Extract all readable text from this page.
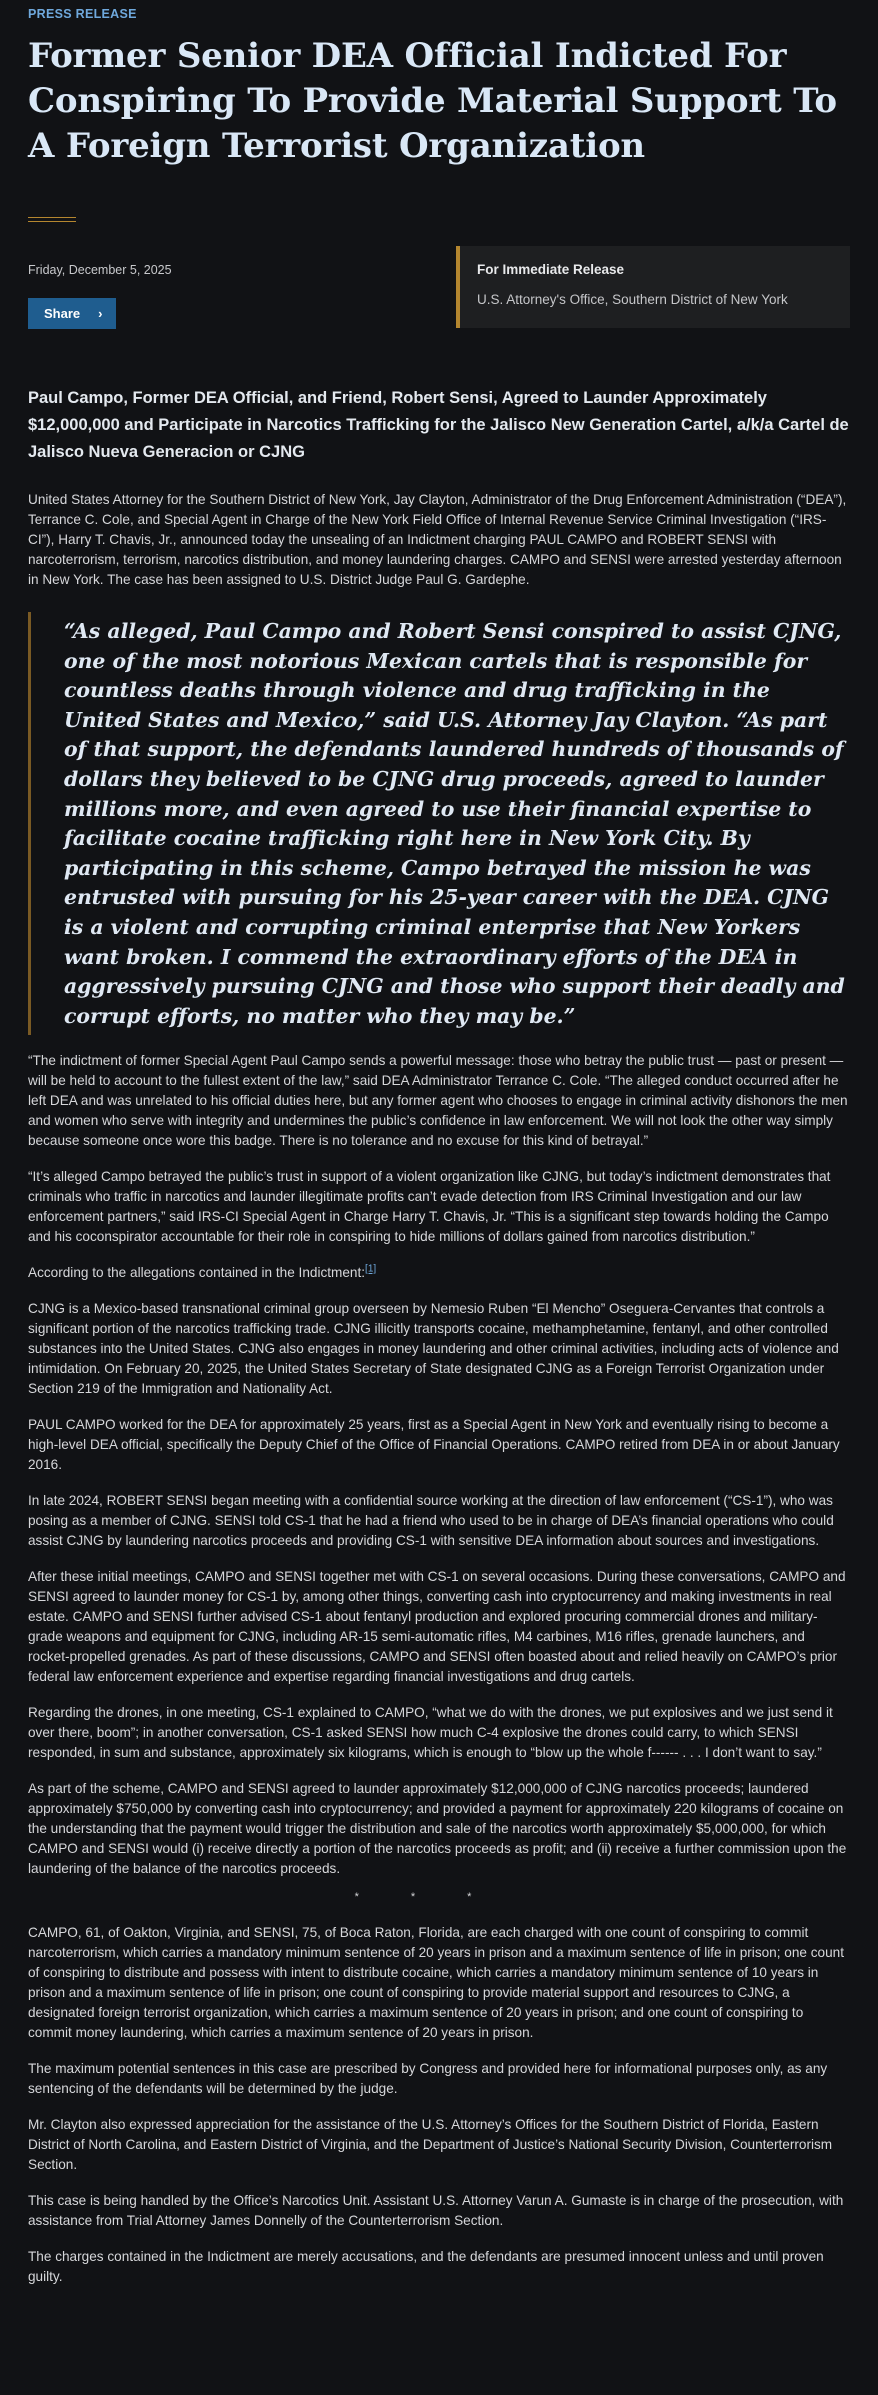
PRESS RELEASE
Former Senior DEA Official Indicted For Conspiring To Provide Material Support To A Foreign Terrorist Organization
Friday, December 5, 2025
Share ›
For Immediate Release
U.S. Attorney's Office, Southern District of New York
Paul Campo, Former DEA Official, and Friend, Robert Sensi, Agreed to Launder Approximately $12,000,000 and Participate in Narcotics Trafficking for the Jalisco New Generation Cartel, a/k/a Cartel de Jalisco Nueva Generacion or CJNG

United States Attorney for the Southern District of New York, Jay Clayton, Administrator of the Drug Enforcement Administration (“DEA”), Terrance C. Cole, and Special Agent in Charge of the New York Field Office of Internal Revenue Service Criminal Investigation (“IRS-CI”), Harry T. Chavis, Jr., announced today the unsealing of an Indictment charging PAUL CAMPO and ROBERT SENSI with narcoterrorism, terrorism, narcotics distribution, and money laundering charges. CAMPO and SENSI were arrested yesterday afternoon in New York. The case has been assigned to U.S. District Judge Paul G. Gardephe.

“As alleged, Paul Campo and Robert Sensi conspired to assist CJNG, one of the most notorious Mexican cartels that is responsible for countless deaths through violence and drug trafficking in the United States and Mexico,” said U.S. Attorney Jay Clayton. “As part of that support, the defendants laundered hundreds of thousands of dollars they believed to be CJNG drug proceeds, agreed to launder millions more, and even agreed to use their financial expertise to facilitate cocaine trafficking right here in New York City. By participating in this scheme, Campo betrayed the mission he was entrusted with pursuing for his 25-year career with the DEA. CJNG is a violent and corrupting criminal enterprise that New Yorkers want broken. I commend the extraordinary efforts of the DEA in aggressively pursuing CJNG and those who support their deadly and corrupt efforts, no matter who they may be.”

“The indictment of former Special Agent Paul Campo sends a powerful message: those who betray the public trust — past or present — will be held to account to the fullest extent of the law,” said DEA Administrator Terrance C. Cole. “The alleged conduct occurred after he left DEA and was unrelated to his official duties here, but any former agent who chooses to engage in criminal activity dishonors the men and women who serve with integrity and undermines the public’s confidence in law enforcement. We will not look the other way simply because someone once wore this badge. There is no tolerance and no excuse for this kind of betrayal.”

“It’s alleged Campo betrayed the public’s trust in support of a violent organization like CJNG, but today’s indictment demonstrates that criminals who traffic in narcotics and launder illegitimate profits can’t evade detection from IRS Criminal Investigation and our law enforcement partners,” said IRS-CI Special Agent in Charge Harry T. Chavis, Jr. “This is a significant step towards holding the Campo and his coconspirator accountable for their role in conspiring to hide millions of dollars gained from narcotics distribution.”

According to the allegations contained in the Indictment:[1]

CJNG is a Mexico-based transnational criminal group overseen by Nemesio Ruben “El Mencho” Oseguera-Cervantes that controls a significant portion of the narcotics trafficking trade. CJNG illicitly transports cocaine, methamphetamine, fentanyl, and other controlled substances into the United States. CJNG also engages in money laundering and other criminal activities, including acts of violence and intimidation. On February 20, 2025, the United States Secretary of State designated CJNG as a Foreign Terrorist Organization under Section 219 of the Immigration and Nationality Act.

PAUL CAMPO worked for the DEA for approximately 25 years, first as a Special Agent in New York and eventually rising to become a high-level DEA official, specifically the Deputy Chief of the Office of Financial Operations. CAMPO retired from DEA in or about January 2016.

In late 2024, ROBERT SENSI began meeting with a confidential source working at the direction of law enforcement (“CS-1”), who was posing as a member of CJNG. SENSI told CS-1 that he had a friend who used to be in charge of DEA’s financial operations who could assist CJNG by laundering narcotics proceeds and providing CS-1 with sensitive DEA information about sources and investigations.

After these initial meetings, CAMPO and SENSI together met with CS-1 on several occasions. During these conversations, CAMPO and SENSI agreed to launder money for CS-1 by, among other things, converting cash into cryptocurrency and making investments in real estate. CAMPO and SENSI further advised CS-1 about fentanyl production and explored procuring commercial drones and military-grade weapons and equipment for CJNG, including AR-15 semi-automatic rifles, M4 carbines, M16 rifles, grenade launchers, and rocket-propelled grenades. As part of these discussions, CAMPO and SENSI often boasted about and relied heavily on CAMPO’s prior federal law enforcement experience and expertise regarding financial investigations and drug cartels.

Regarding the drones, in one meeting, CS-1 explained to CAMPO, “what we do with the drones, we put explosives and we just send it over there, boom”; in another conversation, CS-1 asked SENSI how much C-4 explosive the drones could carry, to which SENSI responded, in sum and substance, approximately six kilograms, which is enough to “blow up the whole f------ . . . I don’t want to say.”

As part of the scheme, CAMPO and SENSI agreed to launder approximately $12,000,000 of CJNG narcotics proceeds; laundered approximately $750,000 by converting cash into cryptocurrency; and provided a payment for approximately 220 kilograms of cocaine on the understanding that the payment would trigger the distribution and sale of the narcotics worth approximately $5,000,000, for which CAMPO and SENSI would (i) receive directly a portion of the narcotics proceeds as profit; and (ii) receive a further commission upon the laundering of the balance of the narcotics proceeds.

***

CAMPO, 61, of Oakton, Virginia, and SENSI, 75, of Boca Raton, Florida, are each charged with one count of conspiring to commit narcoterrorism, which carries a mandatory minimum sentence of 20 years in prison and a maximum sentence of life in prison; one count of conspiring to distribute and possess with intent to distribute cocaine, which carries a mandatory minimum sentence of 10 years in prison and a maximum sentence of life in prison; one count of conspiring to provide material support and resources to CJNG, a designated foreign terrorist organization, which carries a maximum sentence of 20 years in prison; and one count of conspiring to commit money laundering, which carries a maximum sentence of 20 years in prison.

The maximum potential sentences in this case are prescribed by Congress and provided here for informational purposes only, as any sentencing of the defendants will be determined by the judge.

Mr. Clayton also expressed appreciation for the assistance of the U.S. Attorney’s Offices for the Southern District of Florida, Eastern District of North Carolina, and Eastern District of Virginia, and the Department of Justice’s National Security Division, Counterterrorism Section.

This case is being handled by the Office’s Narcotics Unit. Assistant U.S. Attorney Varun A. Gumaste is in charge of the prosecution, with assistance from Trial Attorney James Donnelly of the Counterterrorism Section.

The charges contained in the Indictment are merely accusations, and the defendants are presumed innocent unless and until proven guilty.
